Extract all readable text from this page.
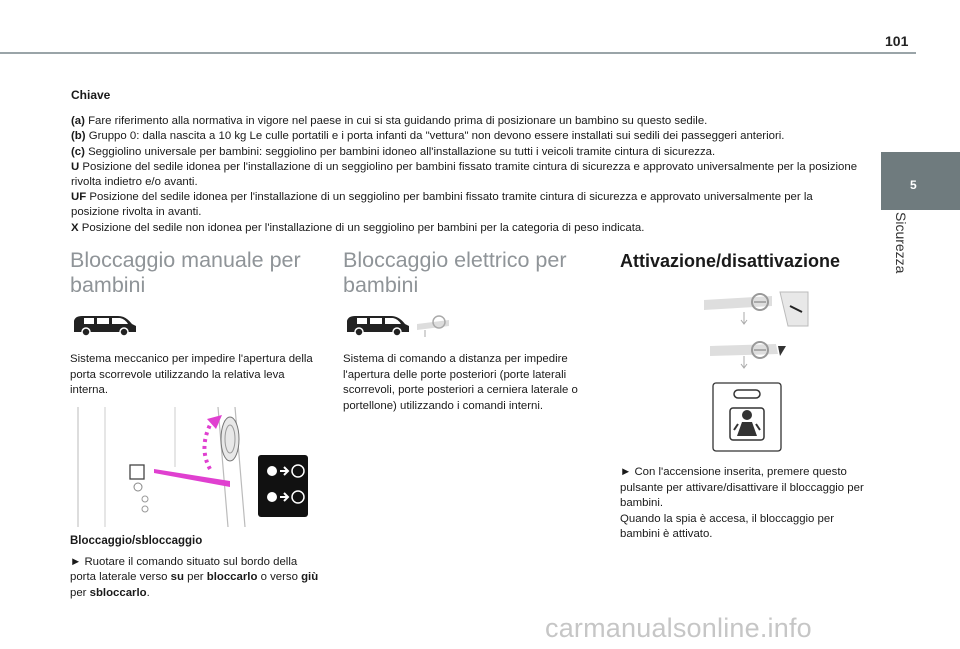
101
5
Sicurezza
Chiave

(a) Fare riferimento alla normativa in vigore nel paese in cui si sta guidando prima di posizionare un bambino su questo sedile.

(b) Gruppo 0: dalla nascita a 10 kg Le culle portatili e i porta infanti da "vettura" non devono essere installati sui sedili dei passeggeri anteriori.

(c) Seggiolino universale per bambini: seggiolino per bambini idoneo all'installazione su tutti i veicoli tramite cintura di sicurezza.

U Posizione del sedile idonea per l'installazione di un seggiolino per bambini fissato tramite cintura di sicurezza e approvato universalmente per la posizione rivolta indietro e/o avanti.

UF Posizione del sedile idonea per l'installazione di un seggiolino per bambini fissato tramite cintura di sicurezza e approvato universalmente per la posizione rivolta in avanti.

X Posizione del sedile non idonea per l'installazione di un seggiolino per bambini per la categoria di peso indicata.

Bloccaggio manuale per bambini

Sistema meccanico per impedire l'apertura della porta scorrevole utilizzando la relativa leva interna.

Bloccaggio/sbloccaggio

► Ruotare il comando situato sul bordo della porta laterale verso su per bloccarlo o verso giù per sbloccarlo.

Bloccaggio elettrico per bambini

Sistema di comando a distanza per impedire l'apertura delle porte posteriori (porte laterali scorrevoli, porte posteriori a cerniera laterale o portellone) utilizzando i comandi interni.

Attivazione/disattivazione

► Con l'accensione inserita, premere questo pulsante per attivare/disattivare il bloccaggio per bambini.

Quando la spia è accesa, il bloccaggio per bambini è attivato.

carmanualsonline.info
